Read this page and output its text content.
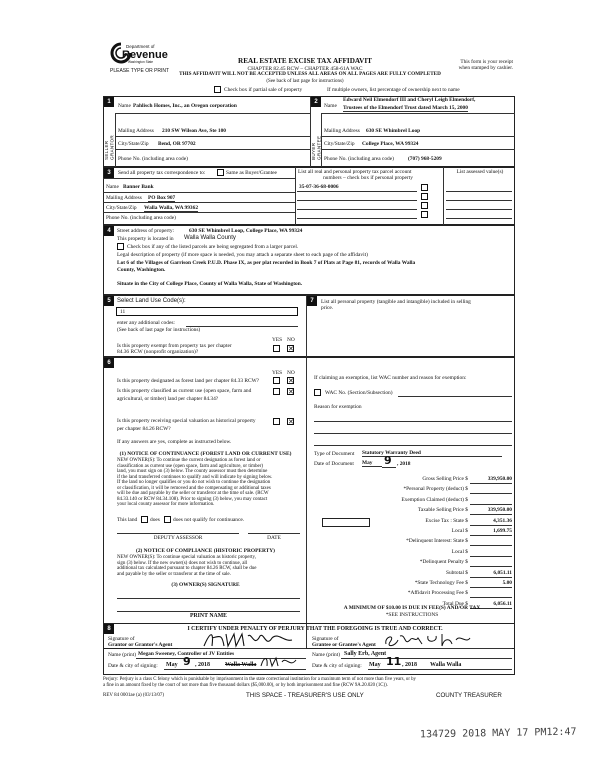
Department of
Revenue
Washington State
PLEASE TYPE OR PRINT
REAL ESTATE EXCISE TAX AFFIDAVIT
CHAPTER 82.45 RCW – CHAPTER 458-61A WAC
THIS AFFIDAVIT WILL NOT BE ACCEPTED UNLESS ALL AREAS ON ALL PAGES ARE FULLY COMPLETED
(See back of last page for instructions)
This form is your receipt
when stamped by cashier.
Check box if partial sale of property	If multiple owners, list percentage of ownership next to name
1
Name Pahlisch Homes, Inc., an Oregon corporation
SELLER GRANTOR
Mailing Address 210 SW Wilson Ave, Ste 100
City/State/Zip Bend, OR 97702
Phone No. (including area code)
2
Name
Edward Neil Elmendorf III and Cheryl Leigh Elmendorf,
Trustees of the Elmendorf Trust dated March 15, 2000
BUYER GRANTEE
Mailing Address 630 SE Whimbrel Loop
City/State/Zip College Place, WA 99324
Phone No. (including area code)	(707) 968-5209
3	Send all property tax correspondence to:	Same as Buyer/Grantee
Name Banner Bank
Mailing Address PO Box 907
City/State/Zip Walla Walla, WA 99362
Phone No. (including area code)
List all real and personal property tax parcel account
numbers – check box if personal property
List assessed value(s)
35-07-36-68-0006
4	Street address of property:	630 SE Whimbrel Loop, College Place, WA 99324
This property is located in Walla Walla County
Check box if any of the listed parcels are being segregated from a larger parcel.
Legal description of property (if more space is needed, you may attach a separate sheet to each page of the affidavit)
Lot 6 of the Villages of Garrison Creek P.U.D. Phase IX, as per plat recorded in Book 7 of Plats at Page 81, records of Walla Walla
County, Washington.
Situate in the City of College Place, County of Walla Walla, State of Washington.
5	Select Land Use Code(s):
11
enter any additional codes:
(See back of last page for instructions)
YES NO
Is this property exempt from property tax per chapter
84.36 RCW (nonprofit organization)?	✕
7	List all personal property (tangible and intangible) included in selling
price.
6
YES NO
Is this property designated as forest land per chapter 84.33 RCW?	✕
Is this property classified as current use (open space, farm and
agricultural, or timber) land per chapter 84.34?
✕
Is this property receiving special valuation as historical property
per chapter 84.26 RCW?
✕
If any answers are yes, complete as instructed below.
(1) NOTICE OF CONTINUANCE (FOREST LAND OR CURRENT USE)
NEW OWNER(S): To continue the current designation as forest land or
classification as current use (open space, farm and agriculture, or timber)
land, you must sign on (3) below. The county assessor must then determine
if the land transferred continues to qualify and will indicate by signing below.
If the land no longer qualifies or you do not wish to continue the designation
or classification, it will be removed and the compensating or additional taxes
will be due and payable by the seller or transferor at the time of sale. (RCW
84.33.140 or RCW 84.34.108). Prior to signing (3) below, you may contact
your local county assessor for more information.
This land does does not qualify for continuance.
DEPUTY ASSESSOR	DATE
(2) NOTICE OF COMPLIANCE (HISTORIC PROPERTY)
NEW OWNER(S): To continue special valuation as historic property,
sign (3) below. If the new owner(s) does not wish to continue, all
additional tax calculated pursuant to chapter 84.26 RCW, shall be due
and payable by the seller or transferor at the time of sale.
(3) OWNER(S) SIGNATURE
PRINT NAME
If claiming an exemption, list WAC number and reason for exemption:
WAC No. (Section/Subsection)
Reason for exemption
Type of Document Statutory Warranty Deed
Date of Document May	9 , 2018
Gross Selling Price $	339,950.00
*Personal Property (deduct) $
Exemption Claimed (deduct) $
Taxable Selling Price $	339,950.00
Excise Tax : State $	4,351.36
Local $	1,699.75
*Delinquent Interest: State $
Local $
*Delinquent Penalty $
Subtotal $	6,051.11
*State Technology Fee $	5.00
*Affidavit Processing Fee $
Total Due $	6,056.11
A MINIMUM OF $10.00 IS DUE IN FEE(S) AND/OR TAX
*SEE INSTRUCTIONS
8	I CERTIFY UNDER PENALTY OF PERJURY THAT THE FOREGOING IS TRUE AND CORRECT.
Signature of
Grantor or Grantor's Agent
Name (print) Megan Sweeney, Controller of JV Entities
Date & city of signing: May 9 , 2018	Walla Walla
Signature of
Grantee or Grantee's Agent
Name (print) Sally Erb, Agent
Date & city of signing: May 11 , 2018 Walla Walla
Perjury: Perjury is a class C felony which is punishable by imprisonment in the state correctional institution for a maximum term of not more than five years, or by
a fine in an amount fixed by the court of not more than five thousand dollars ($5,000.00), or by both imprisonment and fine (RCW 9A.20.020 (1C)).
REV 84 0001ae (a) (03/13/07)	THIS SPACE - TREASURER'S USE ONLY	COUNTY TREASURER
134729 2018 MAY 17 PM12:47
